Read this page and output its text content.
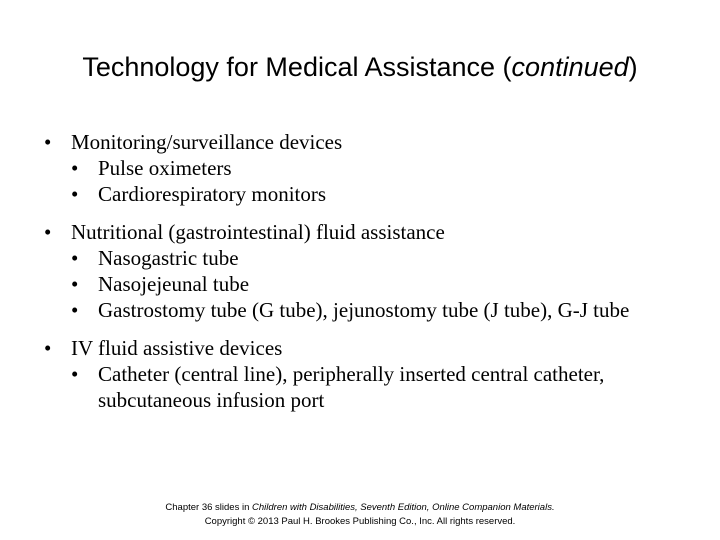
Technology for Medical Assistance (continued)
• Monitoring/surveillance devices
• Pulse oximeters
• Cardiorespiratory monitors
• Nutritional (gastrointestinal) fluid assistance
• Nasogastric tube
• Nasojejeunal tube
• Gastrostomy tube (G tube), jejunostomy tube (J tube), G-J tube
• IV fluid assistive devices
• Catheter (central line), peripherally inserted central catheter, subcutaneous infusion port
Chapter 36 slides in Children with Disabilities, Seventh Edition, Online Companion Materials.
Copyright © 2013 Paul H. Brookes Publishing Co., Inc. All rights reserved.
